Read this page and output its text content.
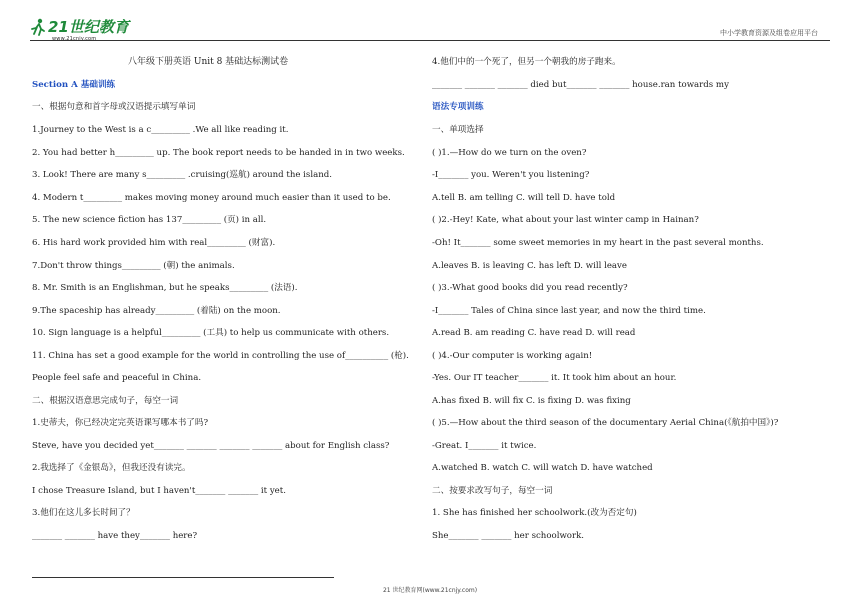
21世纪教育
www.21cnjy.com
中小学教育资源及组卷应用平台
八年级下册英语 Unit 8 基础达标测试卷
Section A 基础训练
一、根据句意和首字母或汉语提示填写单词
1.Journey to the West is a c_________ .We all like reading it.
2. You had better h_________ up. The book report needs to be handed in in two weeks.
3. Look! There are many s_________ .cruising(巡航) around the island.
4. Modern t_________ makes moving money around much easier than it used to be.
5. The new science fiction has 137_________ (页) in all.
6. His hard work provided him with real_________ (财富).
7.Don't throw things_________ (朝) the animals.
8. Mr. Smith is an Englishman, but he speaks_________ (法语).
9.The spaceship has already_________ (着陆) on the moon.
10. Sign language is a helpful_________ (工具) to help us communicate with others.
11. China has set a good example for the world in controlling the use of__________ (枪).
People feel safe and peaceful in China.
二、根据汉语意思完成句子，每空一词
1.史蒂夫，你已经决定完英语课写哪本书了吗?
Steve, have you decided yet_______ _______ _______ _______ about for English class?
2.我选择了《金银岛》，但我还没有读完。
I chose Treasure Island, but I haven't_______ _______ it yet.
3.他们在这儿多长时间了？
_______ _______ have they_______ here?
4.他们中的一个死了，但另一个朝我的房子跑来。
_______ _______ _______ died but_______ _______ house.ran towards my
语法专项训练
一、单项选择
( )1.—How do we turn on the oven?
-I_______ you. Weren't you listening?
A.tell B. am telling C. will tell D. have told
( )2.-Hey! Kate, what about your last winter camp in Hainan?
-Oh! It_______ some sweet memories in my heart in the past several months.
A.leaves B. is leaving C. has left D. will leave
( )3.-What good books did you read recently?
-I_______ Tales of China since last year, and now the third time.
A.read B. am reading C. have read D. will read
( )4.-Our computer is working again!
-Yes. Our IT teacher_______ it. It took him about an hour.
A.has fixed B. will fix C. is fixing D. was fixing
( )5.—How about the third season of the documentary Aerial China(《航拍中国》)?
-Great. I_______ it twice.
A.watched B. watch C. will watch D. have watched
二、按要求改写句子，每空一词
1. She has finished her schoolwork.(改为否定句)
She_______ _______ her schoolwork.
21 世纪教育网(www.21cnjy.com)
